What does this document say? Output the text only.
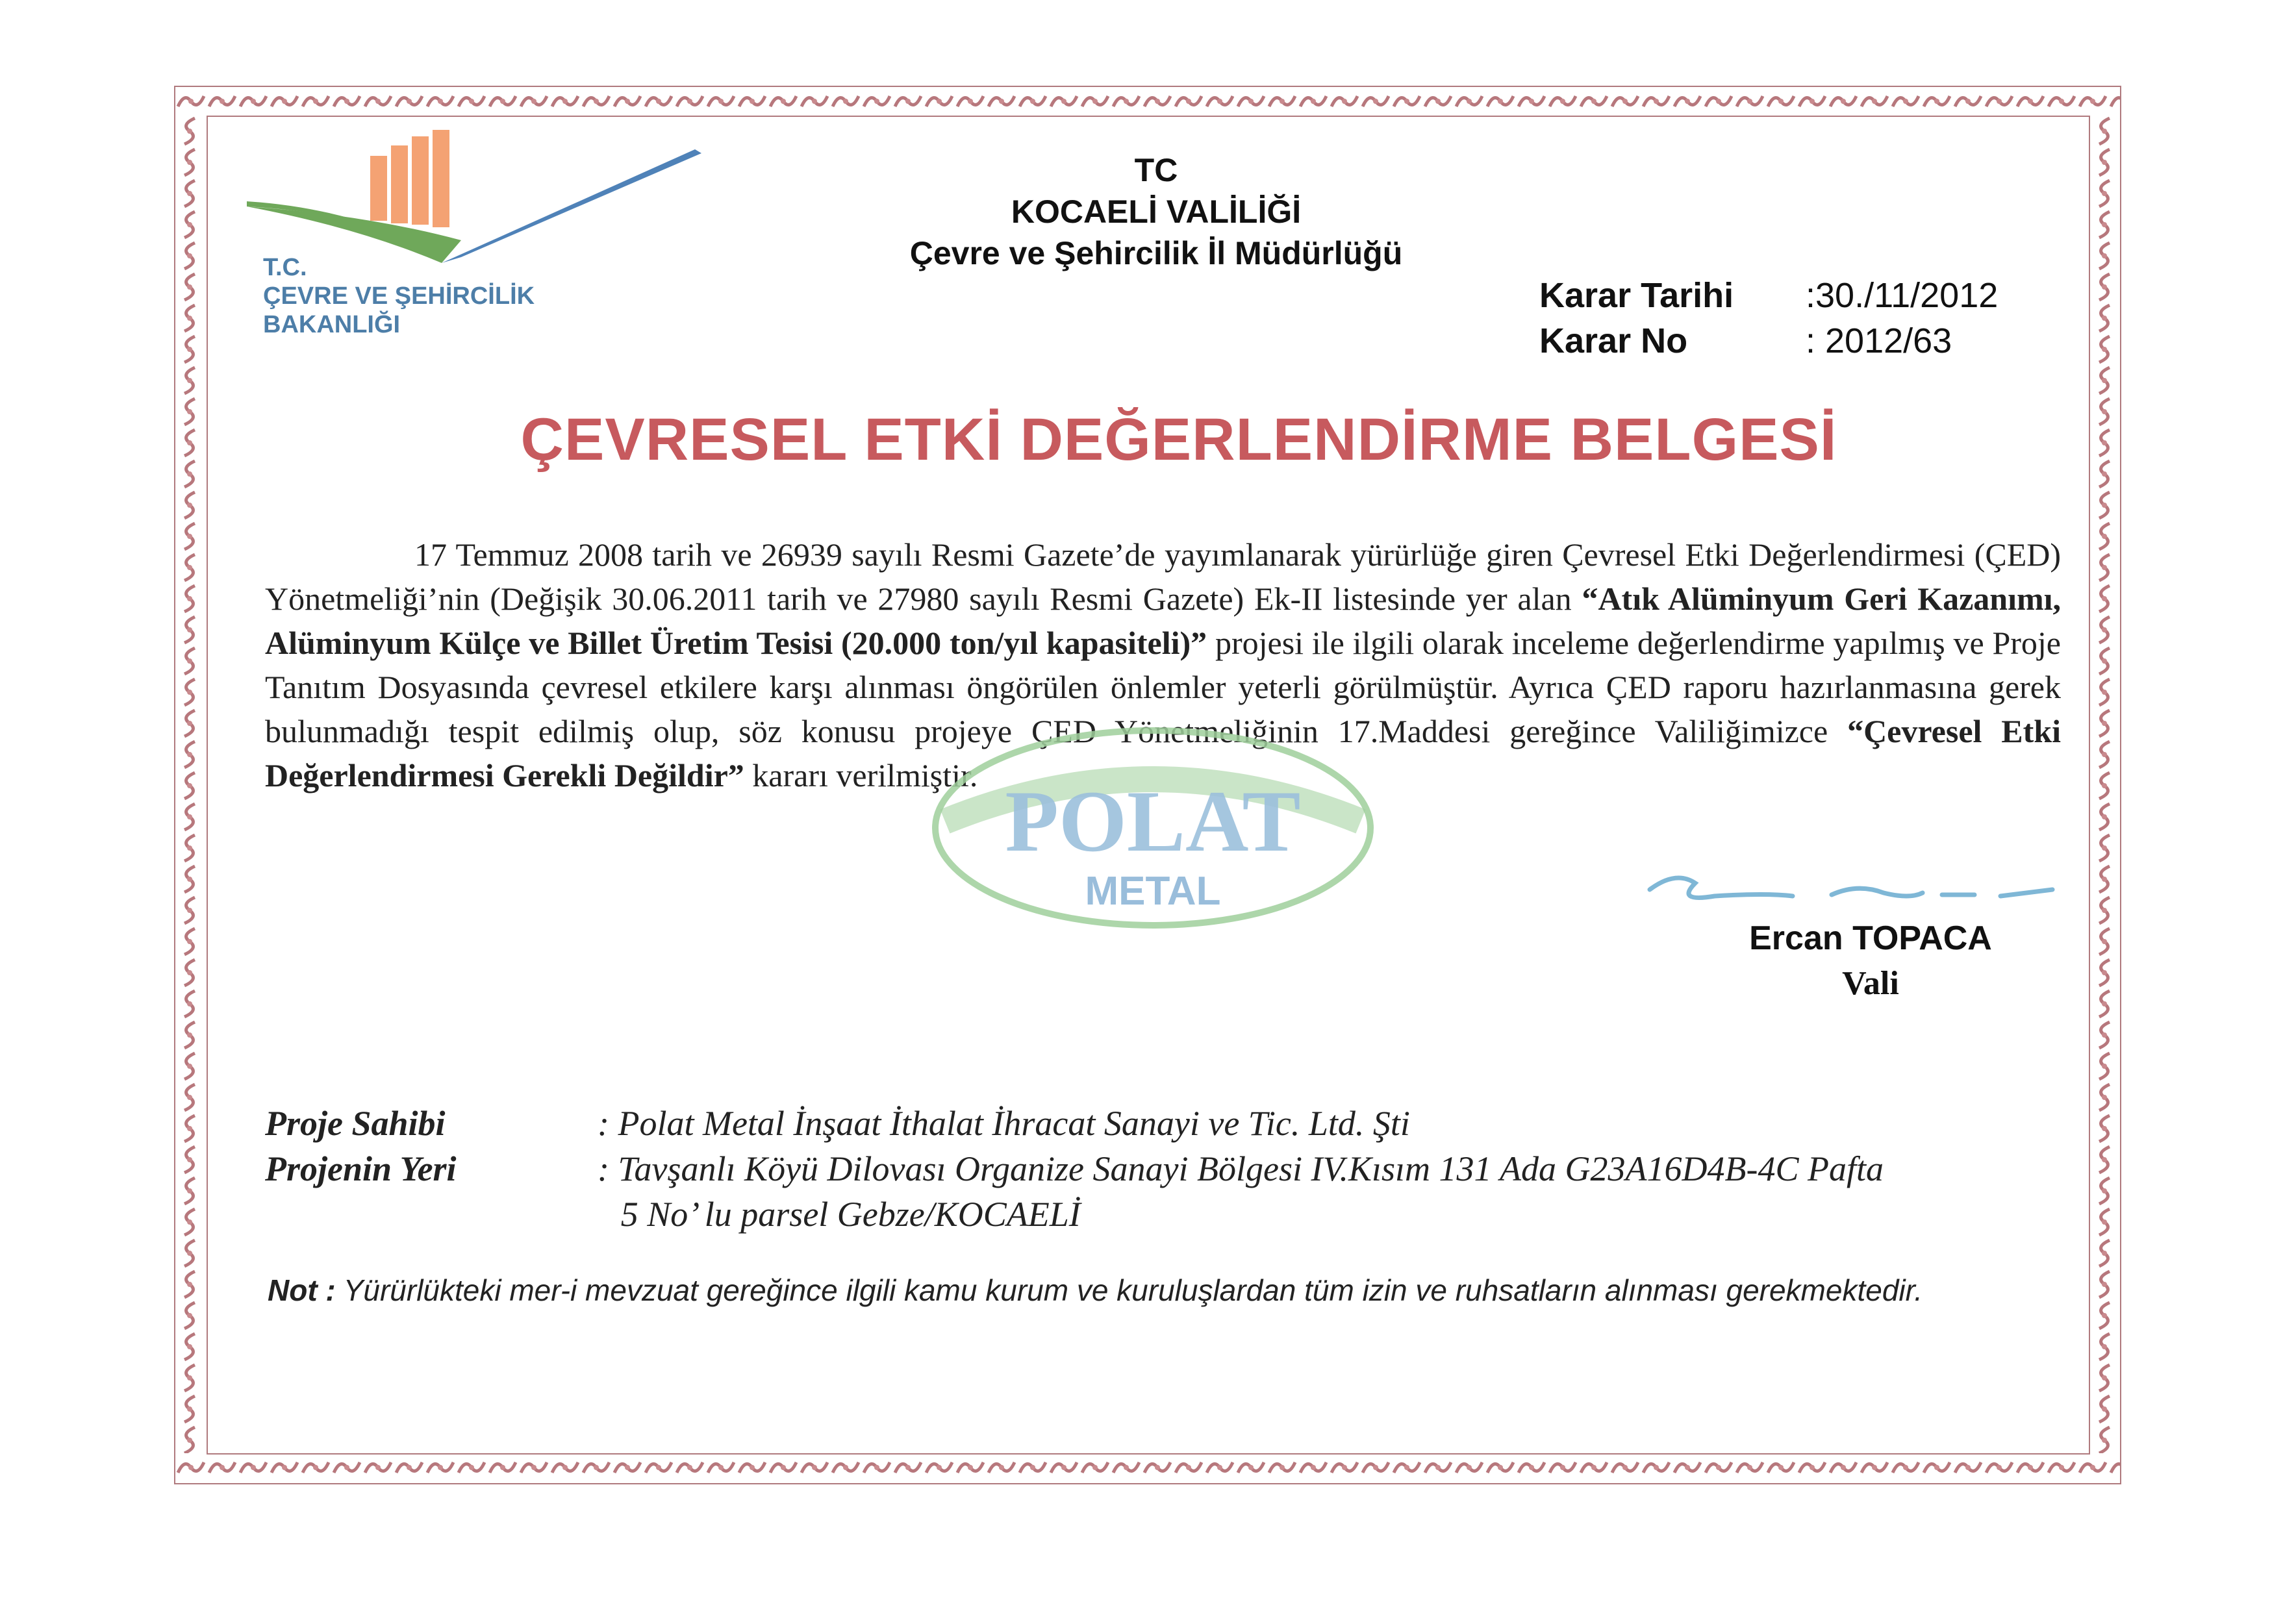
T.C.
ÇEVRE VE ŞEHİRCİLİK
BAKANLIĞI
TC
KOCAELİ VALİLİĞİ
Çevre ve Şehircilik İl Müdürlüğü
Karar Tarihi	:30./11/2012
Karar No	: 2012/63
ÇEVRESEL ETKİ DEĞERLENDİRME BELGESİ
17 Temmuz 2008 tarih ve 26939 sayılı Resmi Gazete’de yayımlanarak yürürlüğe giren Çevresel Etki Değerlendirmesi (ÇED) Yönetmeliği’nin (Değişik 30.06.2011 tarih ve 27980 sayılı Resmi Gazete) Ek-II listesinde yer alan “Atık Alüminyum Geri Kazanımı, Alüminyum Külçe ve Billet Üretim Tesisi (20.000 ton/yıl kapasiteli)” projesi ile ilgili olarak inceleme değerlendirme yapılmış ve Proje Tanıtım Dosyasında çevresel etkilere karşı alınması öngörülen önlemler yeterli görülmüştür. Ayrıca ÇED raporu hazırlanmasına gerek bulunmadığı tespit edilmiş olup, söz konusu projeye ÇED Yönetmeliğinin 17.Maddesi gereğince Valiliğimizce “Çevresel Etki Değerlendirmesi Gerekli Değildir” kararı verilmiştir. POLAT
METAL
Ercan TOPACA
Vali
Proje Sahibi	: Polat Metal İnşaat İthalat İhracat Sanayi ve Tic. Ltd. Şti
Projenin Yeri	: Tavşanlı Köyü Dilovası Organize Sanayi Bölgesi IV.Kısım 131 Ada G23A16D4B-4C Pafta
5 No’ lu parsel Gebze/KOCAELİ
Not : Yürürlükteki mer-i mevzuat gereğince ilgili kamu kurum ve kuruluşlardan tüm izin ve ruhsatların alınması gerekmektedir.
